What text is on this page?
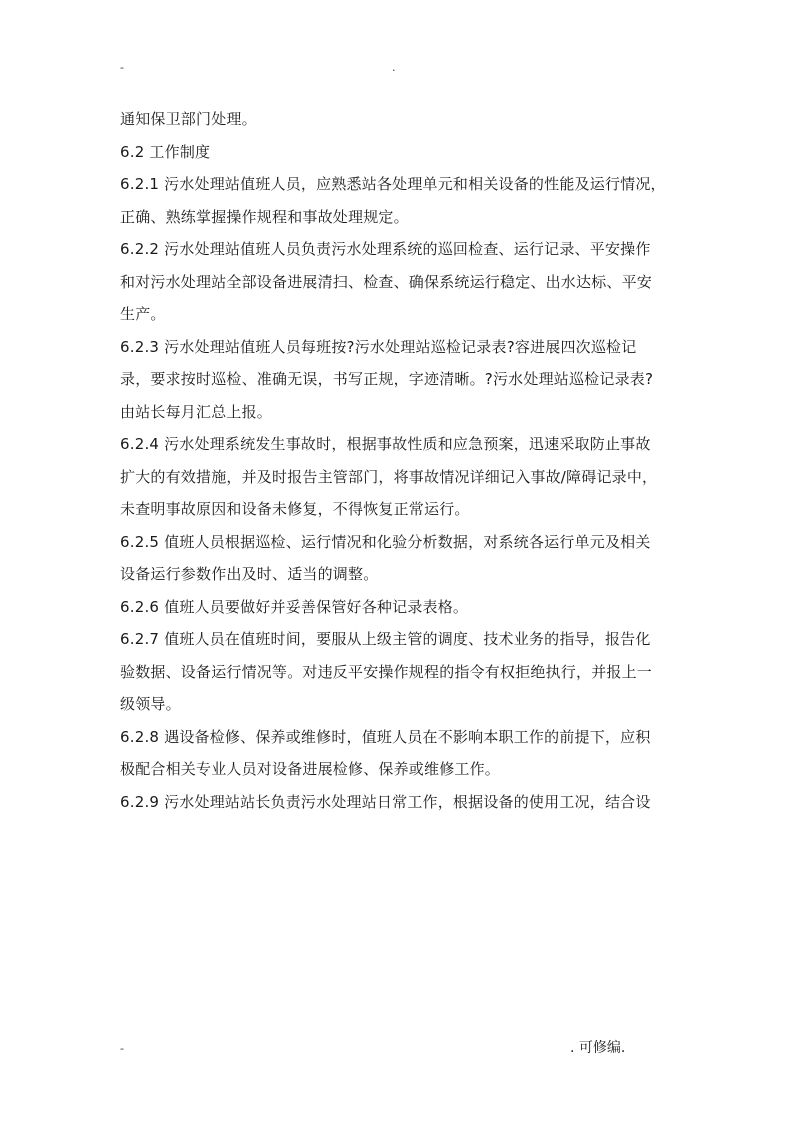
-	.
通知保卫部门处理。
6.2 工作制度
6.2.1 污水处理站值班人员，应熟悉站各处理单元和相关设备的性能及运行情况，
正确、熟练掌握操作规程和事故处理规定。
6.2.2 污水处理站值班人员负责污水处理系统的巡回检查、运行记录、平安操作
和对污水处理站全部设备进展清扫、检查、确保系统运行稳定、出水达标、平安
生产。
6.2.3 污水处理站值班人员每班按?污水处理站巡检记录表?容进展四次巡检记
录，要求按时巡检、准确无误，书写正规，字迹清晰。?污水处理站巡检记录表?
由站长每月汇总上报。
6.2.4 污水处理系统发生事故时，根据事故性质和应急预案，迅速采取防止事故
扩大的有效措施，并及时报告主管部门，将事故情况详细记入事故/障碍记录中，
未查明事故原因和设备未修复，不得恢复正常运行。
6.2.5 值班人员根据巡检、运行情况和化验分析数据，对系统各运行单元及相关
设备运行参数作出及时、适当的调整。
6.2.6 值班人员要做好并妥善保管好各种记录表格。
6.2.7 值班人员在值班时间，要服从上级主管的调度、技术业务的指导，报告化
验数据、设备运行情况等。对违反平安操作规程的指令有权拒绝执行，并报上一
级领导。
6.2.8 遇设备检修、保养或维修时，值班人员在不影响本职工作的前提下，应积
极配合相关专业人员对设备进展检修、保养或维修工作。
6.2.9 污水处理站站长负责污水处理站日常工作，根据设备的使用工况，结合设
-	. 可修编.
